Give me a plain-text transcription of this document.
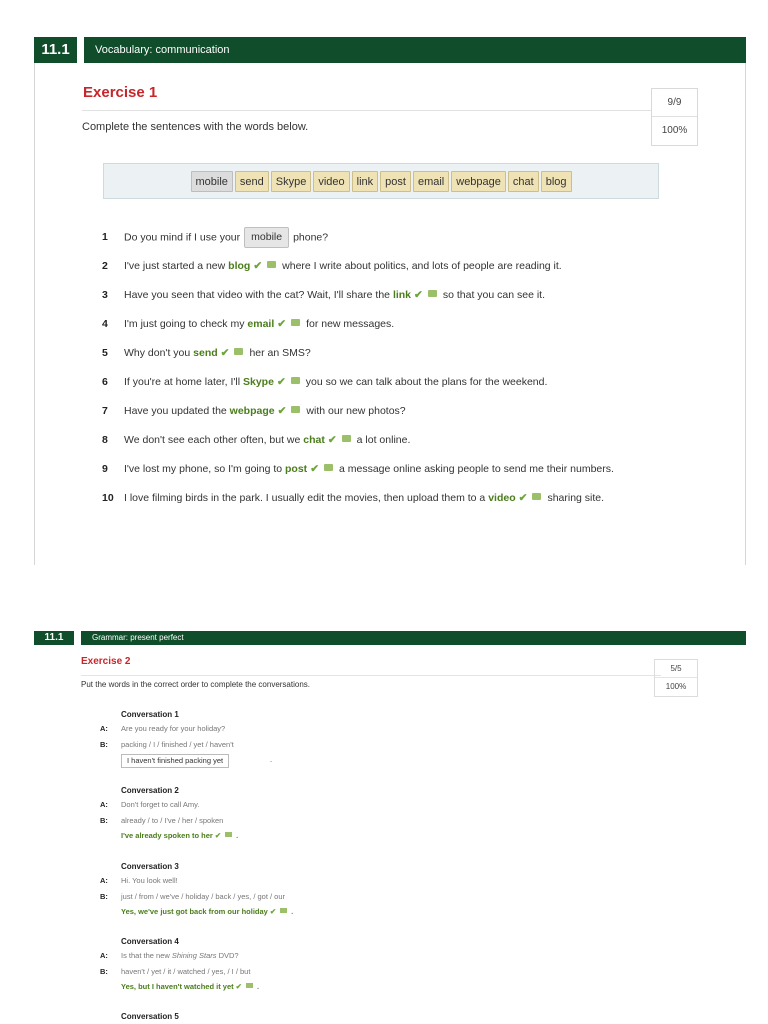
11.1	Vocabulary: communication
Exercise 1
9/9
100%
Complete the sentences with the words below.
mobile send Skype video link post email webpage chat blog
1 Do you mind if I use your mobile phone?
2 I've just started a new blog ✔ where I write about politics, and lots of people are reading it.
3 Have you seen that video with the cat? Wait, I'll share the link ✔ so that you can see it.
4 I'm just going to check my email ✔ for new messages.
5 Why don't you send ✔ her an SMS?
6 If you're at home later, I'll Skype ✔ you so we can talk about the plans for the weekend.
7 Have you updated the webpage ✔ with our new photos?
8 We don't see each other often, but we chat ✔ a lot online.
9 I've lost my phone, so I'm going to post ✔ a message online asking people to send me their numbers.
10 I love filming birds in the park. I usually edit the movies, then upload them to a video ✔ sharing site.
11.1	Grammar: present perfect
Exercise 2
Put the words in the correct order to complete the conversations.
5/5
100%
Conversation 1
A: Are you ready for your holiday?
B: packing / I / finished / yet / haven't
I haven't finished packing yet	.
Conversation 2
A: Don't forget to call Amy.
B: already / to / I've / her / spoken
I've already spoken to her ✔ .
Conversation 3
A: Hi. You look well!
B: just / from / we've / holiday / back / yes, / got / our
Yes, we've just got back from our holiday ✔ .
Conversation 4
A: Is that the new Shining Stars DVD?
B: haven't / yet / it / watched / yes, / I / but
Yes, but I haven't watched it yet ✔ .
Conversation 5
